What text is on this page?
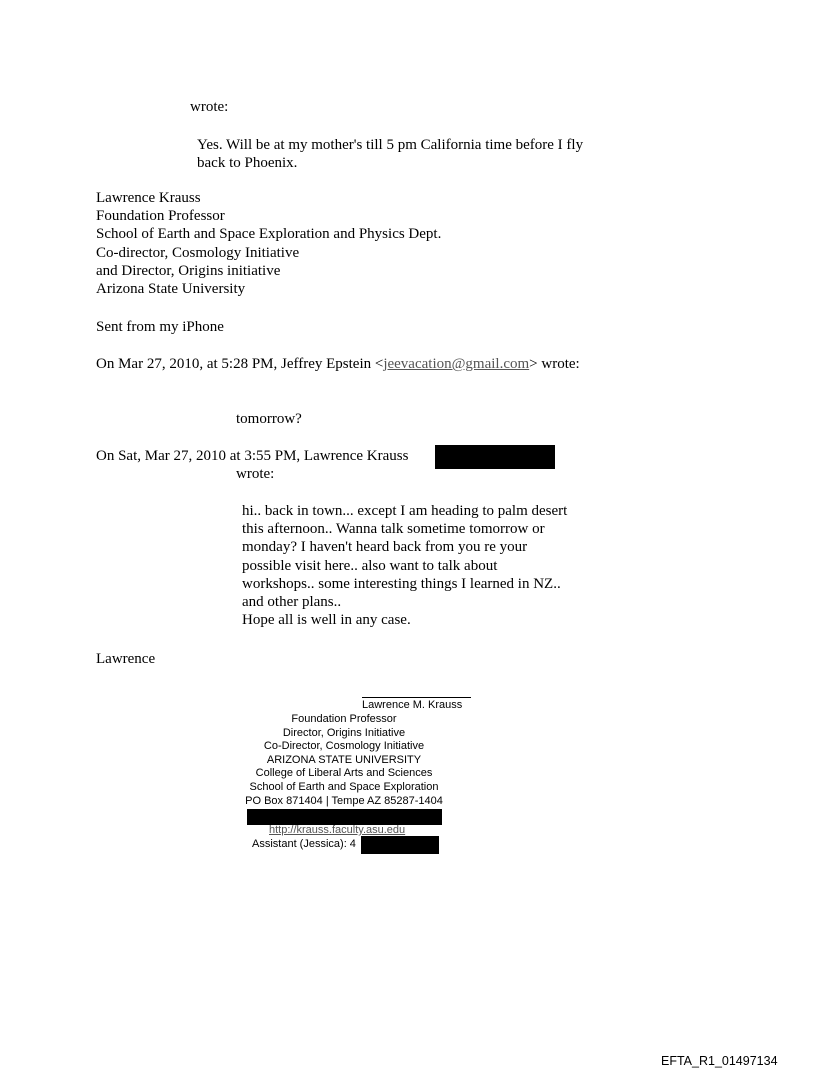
wrote:
Yes. Will be at my mother's till 5 pm California time before I fly
back to Phoenix.
Lawrence Krauss
Foundation Professor
School of Earth and Space Exploration and Physics Dept.
Co-director, Cosmology Initiative
and Director, Origins initiative
Arizona State University
Sent from my iPhone
On Mar 27, 2010, at 5:28 PM, Jeffrey Epstein <jeevacation@gmail.com> wrote:
tomorrow?
On Sat, Mar 27, 2010 at 3:55 PM, Lawrence Krauss
wrote:
hi.. back in town... except I am heading to palm desert
this afternoon.. Wanna talk sometime tomorrow or
monday? I haven't heard back from you re your
possible visit here.. also want to talk about
workshops.. some interesting things I learned in NZ..
and other plans..
Hope all is well in any case.
Lawrence
Lawrence M. Krauss
Foundation Professor
Director, Origins Initiative
Co-Director, Cosmology Initiative
ARIZONA STATE UNIVERSITY
College of Liberal Arts and Sciences
School of Earth and Space Exploration
PO Box 871404 | Tempe AZ 85287-1404
http://krauss.faculty.asu.edu
Assistant (Jessica): 4
EFTA_R1_01497134
